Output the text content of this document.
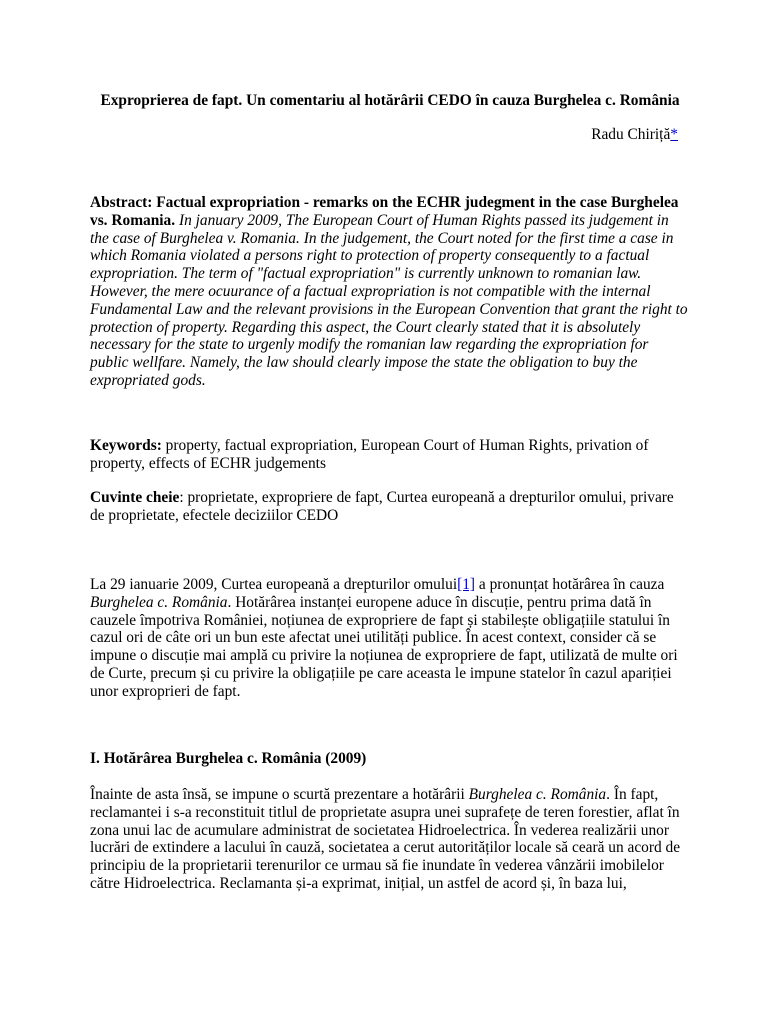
Exproprierea de fapt. Un comentariu al hotărârii CEDO în cauza Burghelea c. România
Radu Chiriță*
Abstract: Factual expropriation - remarks on the ECHR judegment in the case Burghelea vs. Romania. In january 2009, The European Court of Human Rights passed its judgement in the case of Burghelea v. Romania. In the judgement, the Court noted for the first time a case in which Romania violated a persons right to protection of property consequently to a factual expropriation. The term of "factual expropriation" is currently unknown to romanian law. However, the mere ocuurance of a factual expropriation is not compatible with the internal Fundamental Law and the relevant provisions in the European Convention that grant the right to protection of property. Regarding this aspect, the Court clearly stated that it is absolutely necessary for the state to urgenly modify the romanian law regarding the expropriation for public wellfare. Namely, the law should clearly impose the state the obligation to buy the expropriated gods.
Keywords: property, factual expropriation, European Court of Human Rights, privation of property, effects of ECHR judgements
Cuvinte cheie: proprietate, expropriere de fapt, Curtea europeană a drepturilor omului, privare de proprietate, efectele deciziilor CEDO
La 29 ianuarie 2009, Curtea europeană a drepturilor omului[1] a pronunțat hotărârea în cauza Burghelea c. România. Hotărârea instanței europene aduce în discuție, pentru prima dată în cauzele împotriva României, noțiunea de expropriere de fapt și stabilește obligațiile statului în cazul ori de câte ori un bun este afectat unei utilități publice. În acest context, consider că se impune o discuție mai amplă cu privire la noțiunea de expropriere de fapt, utilizată de multe ori de Curte, precum și cu privire la obligațiile pe care aceasta le impune statelor în cazul apariției unor exproprieri de fapt.
I. Hotărârea Burghelea c. România (2009)
Înainte de asta însă, se impune o scurtă prezentare a hotărârii Burghelea c. România. În fapt, reclamantei i s-a reconstituit titlul de proprietate asupra unei suprafețe de teren forestier, aflat în zona unui lac de acumulare administrat de societatea Hidroelectrica. În vederea realizării unor lucrări de extindere a lacului în cauză, societatea a cerut autorităților locale să ceară un acord de principiu de la proprietarii terenurilor ce urmau să fie inundate în vederea vânzării imobilelor către Hidroelectrica. Reclamanta și-a exprimat, inițial, un astfel de acord și, în baza lui,
